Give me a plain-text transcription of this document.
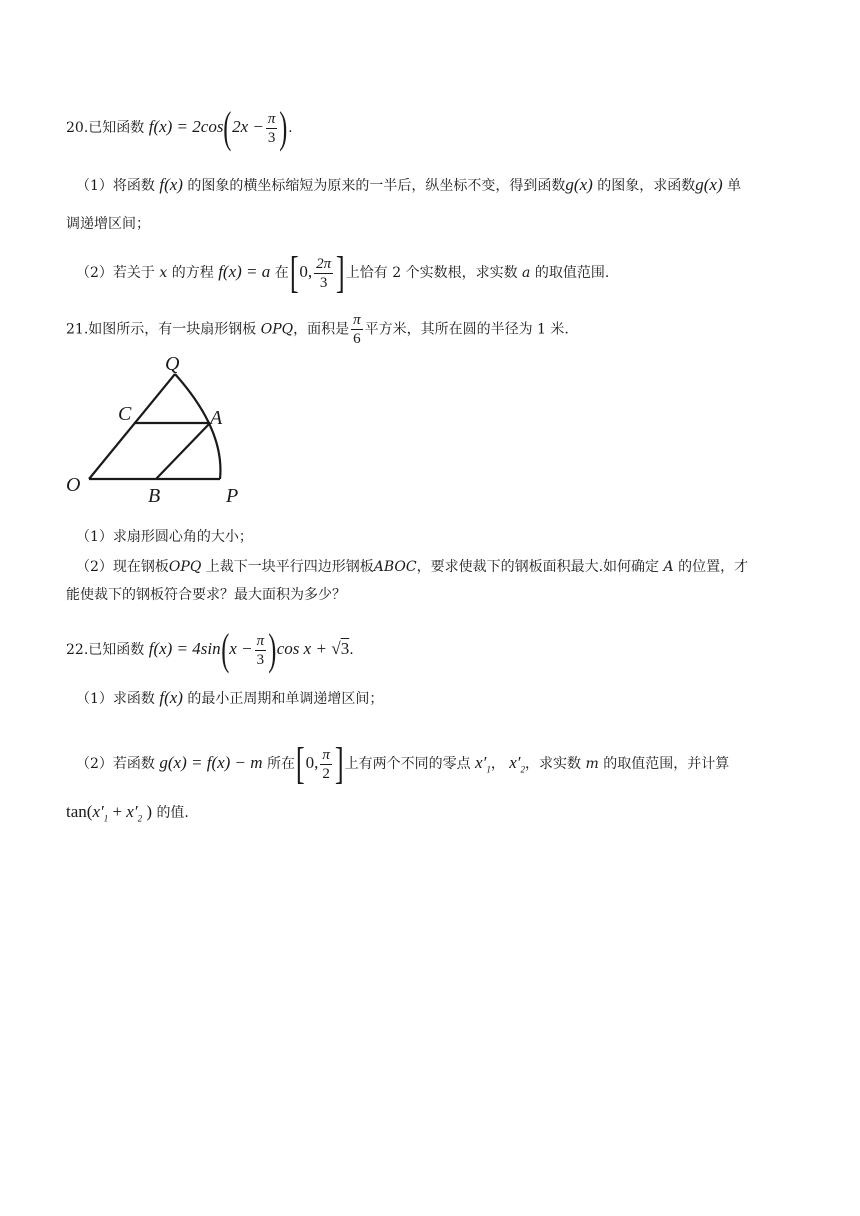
20.已知函数 $f(x) = 2\cos(2x - \frac{\pi}{3}$ ).
（1）将函数 f(x) 的图象的横坐标缩短为原来的一半后，纵坐标不变，得到函数g(x) 的图象，求函数g(x) 单
调递增区间；
（2）若关于 x 的方程 f(x) = a 在[0, $\frac{2\pi}{3}$ ]上恰有 2 个实数根，求实数 a 的取值范围.
21.如图所示，有一块扇形钢板 OPQ，面积是 $\frac{\pi}{6}$ 平方米，其所在圆的半径为 1 米.
Q
C	A
O	B	P
（1）求扇形圆心角的大小；
（2）现在钢板OPQ 上裁下一块平行四边形钢板ABOC，要求使裁下的钢板面积最大.如何确定 A 的位置，才
能使裁下的钢板符合要求？最大面积为多少？
22.已知函数 $f(x) = 4\sin(x - \frac{\pi}{3} )\cos$ x + √3.
（1）求函数 f(x) 的最小正周期和单调递增区间；
（2）若函数 g(x) = f(x) − m 所在[0, $\frac{\pi}{2}$ ]上有两个不同的零点 $x'_1$， $x'_2$，求实数 m 的取值范围，并计算
$\tan(x'_1 + x'_2$ ) 的值.
